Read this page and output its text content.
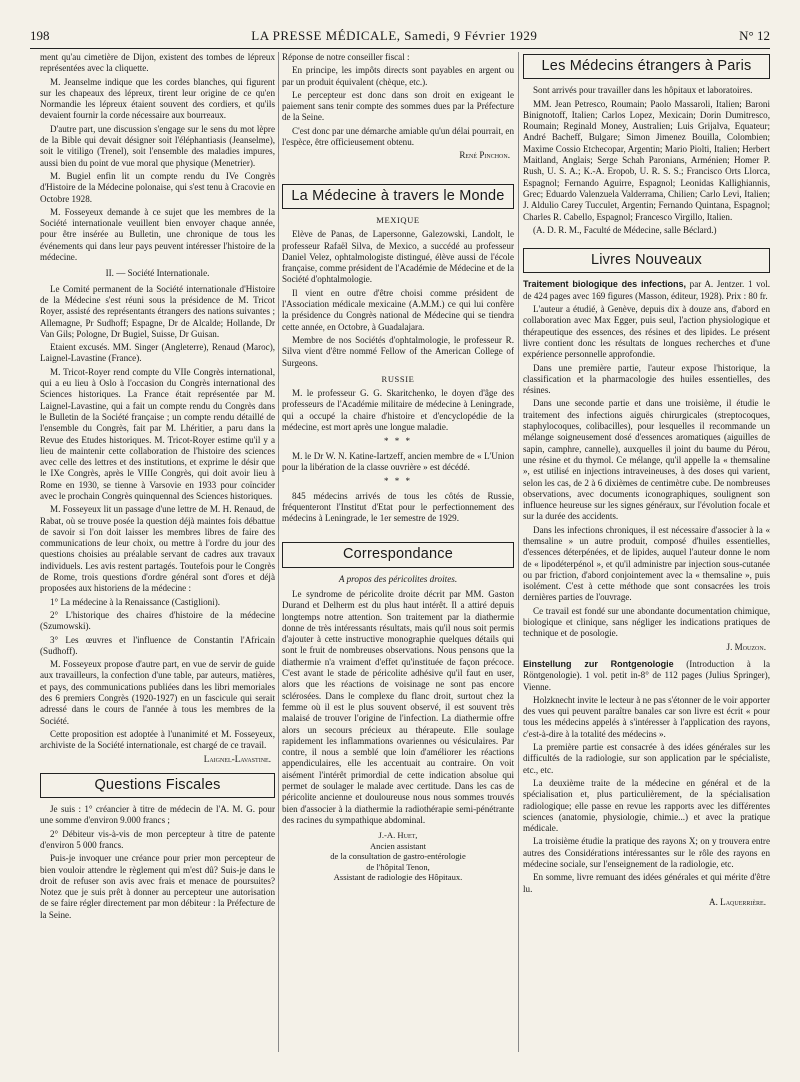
198	LA PRESSE MÉDICALE, Samedi, 9 Février 1929	N° 12

ment qu'au cimetière de Dijon, existent des tombes de lépreux représentées avec la cliquette.

M. Jeanselme indique que les cordes blanches, qui figurent sur les chapeaux des lépreux, tirent leur origine de ce qu'en Normandie les lépreux étaient souvent des cordiers, et qu'ils devaient fournir la corde nécessaire aux bourreaux.

D'autre part, une discussion s'engage sur le sens du mot lèpre de la Bible qui devait désigner soit l'éléphantiasis (Jeanselme), soit le vitiligo (Trenel), soit l'ensemble des maladies impures, aussi bien du point de vue moral que physique (Menetrier).

M. Bugiel enfin lit un compte rendu du IVe Congrès d'Histoire de la Médecine polonaise, qui s'est tenu à Cracovie en Octobre 1928.

M. Fosseyeux demande à ce sujet que les membres de la Société internationale veuillent bien envoyer chaque année, pour être insérée au Bulletin, une chronique de tous les événements qui dans leur pays peuvent intéresser l'histoire de la médecine.

II. — Société Internationale.

Le Comité permanent de la Société internationale d'Histoire de la Médecine s'est réuni sous la présidence de M. Tricot Royer, assisté des représentants étrangers des nations suivantes ; Allemagne, Pr Sudhoff; Espagne, Dr de Alcalde; Hollande, Dr Van Gils; Pologne, Dr Bugiel, Suisse, Dr Guisan.

Etaient excusés. MM. Singer (Angleterre), Renaud (Maroc), Laignel-Lavastine (France).

M. Tricot-Royer rend compte du VIIe Congrès international, qui a eu lieu à Oslo à l'occasion du Congrès international des Sciences historiques. La France était représentée par M. Laignel-Lavastine, qui a fait un compte rendu du Congrès dans le Bulletin de la Société française ; un compte rendu détaillé de l'ensemble du Congrès, fait par M. Lhéritier, a paru dans la Revue des Etudes historiques. M. Tricot-Royer estime qu'il y a lieu de maintenir cette collaboration de l'histoire des sciences avec celle des lettres et des institutions, et exprime le désir que le IXe Congrès, après le VIIIe Congrès, qui doit avoir lieu à Rome en 1930, se tienne à Varsovie en 1933 pour coïncider avec le prochain Congrès quinquennal des Sciences historiques.

M. Fosseyeux lit un passage d'une lettre de M. H. Renaud, de Rabat, où se trouve posée la question déjà maintes fois débattue de savoir si l'on doit laisser les membres libres de faire des communications de leur choix, ou mettre à l'ordre du jour des questions choisies au préalable servant de cadres aux travaux individuels. Les avis restent partagés. Toutefois pour le Congrès de Rome, trois questions d'ordre général sont d'ores et déjà proposées aux historiens de la médecine :

1° La médecine à la Renaissance (Castiglioni).

2° L'historique des chaires d'histoire de la médecine (Szumowski).

3° Les œuvres et l'influence de Constantin l'Africain (Sudhoff).

M. Fosseyeux propose d'autre part, en vue de servir de guide aux travailleurs, la confection d'une table, par auteurs, matières, et pays, des communications publiées dans les libri memoriales des 6 premiers Congrès (1920-1927) en un fascicule qui serait adressé dans le cours de l'année à tous les membres de la Société.

Cette proposition est adoptée à l'unanimité et M. Fosseyeux, archiviste de la Société internationale, est chargé de ce travail.

Laignel-Lavastine.
Questions Fiscales

Je suis : 1° créancier à titre de médecin de l'A. M. G. pour une somme d'environ 9.000 francs ;

2° Débiteur vis-à-vis de mon percepteur à titre de patente d'environ 5 000 francs.

Puis-je invoquer une créance pour prier mon percepteur de bien vouloir attendre le règlement qui m'est dû? Suis-je dans le droit de refuser son avis avec frais et menace de poursuites? Notez que je suis prêt à donner au percepteur une autorisation de se faire régler directement par mon débiteur : la Préfecture de la Seine.

Réponse de notre conseiller fiscal :

En principe, les impôts directs sont payables en argent ou par un produit équivalent (chèque, etc.).

Le percepteur est donc dans son droit en exigeant le paiement sans tenir compte des sommes dues par la Préfecture de la Seine.

C'est donc par une démarche amiable qu'un délai pourrait, en l'espèce, être officieusement obtenu.

René Pinchon.
La Médecine à travers le Monde
MEXIQUE

Elève de Panas, de Lapersonne, Galezowski, Landolt, le professeur Rafaël Silva, de Mexico, a succédé au professeur Daniel Velez, ophtalmologiste distingué, élève aussi de l'école française, comme président de l'Académie de Médecine et de la Société d'ophtalmologie.

Il vient en outre d'être choisi comme président de l'Association médicale mexicaine (A.M.M.) ce qui lui confère la présidence du Congrès national de Médecine qui se tiendra cette année, en Octobre, à Guadalajara.

Membre de nos Sociétés d'ophtalmologie, le professeur R. Silva vient d'être nommé Fellow of the American College of Surgeons.

RUSSIE

M. le professeur G. G. Skaritchenko, le doyen d'âge des professeurs de l'Académie militaire de médecine à Leningrade, qui a occupé la chaire d'histoire et d'encyclopédie de la médecine, est mort après une longue maladie.

* * *

M. le Dr W. N. Katine-Iartzeff, ancien membre de « L'Union pour la libération de la classe ouvrière » est décédé.

* * *

845 médecins arrivés de tous les côtés de Russie, fréquenteront l'Institut d'Etat pour le perfectionnement des médecins à Leningrade, le 1er semestre de 1929.

Correspondance
A propos des péricolites droites.

Le syndrome de péricolite droite décrit par MM. Gaston Durand et Delherm est du plus haut intérêt. Il a attiré depuis longtemps notre attention. Son traitement par la diathermie donne de très intéressants résultats, mais qu'il nous soit permis d'ajouter à cette instructive monographie quelques détails qui sont le fruit de nombreuses observations. Nous pensons que la diathermie n'a vraiment d'effet qu'instituée de façon précoce. C'est avant le stade de péricolite adhésive qu'il faut en user, alors que les réactions de voisinage ne sont pas encore sclérosées. Dans le complexe du flanc droit, surtout chez la femme où il est le plus souvent observé, il est souvent très malaisé de trouver l'origine de l'infection. La diathermie offre alors un secours précieux au thérapeute. Elle soulage rapidement les inflammations ovariennes ou vésiculaires. Par contre, il nous a semblé que loin d'améliorer les réactions appendiculaires, elle les accentuait au contraire. On voit aisément l'intérêt primordial de cette indication absolue qui permet de soulager le malade avec certitude. Dans les cas de péricolite ancienne et douloureuse nous nous sommes trouvés bien d'associer à la diathermie la radiothérapie semi-pénétrante des racines du sympathique abdominal.

J.-A. Huet,
Ancien assistant
de la consultation de gastro-entérologie
de l'hôpital Tenon,
Assistant de radiologie des Hôpitaux.
Les Médecins étrangers à Paris

Sont arrivés pour travailler dans les hôpitaux et laboratoires.

MM. Jean Petresco, Roumain; Paolo Massaroli, Italien; Baroni Binignotoff, Italien; Carlos Lopez, Mexicain; Dorin Dumitresco, Roumain; Reginald Money, Australien; Luis Grijalva, Equateur; André Bacheff, Bulgare; Simon Jimenez Bouilla, Colombien; Maxime Cossio Etchecopar, Argentin; Mario Piolti, Italien; Herbert Maitland, Anglais; Serge Schah Paronians, Arménien; Homer P. Rush, U. S. A.; K.-A. Eropob, U. R. S. S.; Francisco Orts Llorca, Espagnol; Fernando Aguirre, Espagnol; Leonidas Kallighiannis, Grec; Eduardo Valenzuela Valderrama, Chilien; Carlo Levi, Italien; J. Aldulio Carey Tucculet, Argentin; Fernando Quintana, Espagnol; Charles R. Cabello, Espagnol; Francesco Virgillo, Italien.

(A. D. R. M., Faculté de Médecine, salle Béclard.)

Livres Nouveaux

Traitement biologique des infections, par A. Jentzer. 1 vol. de 424 pages avec 169 figures (Masson, éditeur, 1928). Prix : 80 fr.

L'auteur a étudié, à Genève, depuis dix à douze ans, d'abord en collaboration avec Max Egger, puis seul, l'action physiologique et thérapeutique des essences, des résines et des lipides. Le présent livre contient donc les résultats de longues recherches et d'une expérience personnelle approfondie.

Dans une première partie, l'auteur expose l'historique, la classification et la pharmacologie des huiles essentielles, des résines.

Dans une seconde partie et dans une troisième, il étudie le traitement des infections aiguës chirurgicales (streptocoques, staphylocoques, colibacilles), pour lesquelles il recommande un mélange soigneusement dosé d'essences aromatiques (aiguilles de sapin, camphre, cannelle), auxquelles il joint du baume du Pérou, une résine et du thymol. Ce mélange, qu'il appelle la « themsaline », est utilisé en injections intraveineuses, à des doses qui varient, selon les cas, de 2 à 6 dixièmes de centimètre cube. De nombreuses observations, avec documents iconographiques, soulignent son influence heureuse sur les signes généraux, sur l'évolution focale et sur la durée des accidents.

Dans les infections chroniques, il est nécessaire d'associer à la « themsaline » un autre produit, composé d'huiles essentielles, d'essences déterpénées, et de lipides, auquel l'auteur donne le nom de « lipodéterpénol », et qu'il administre par injection sous-cutanée ou par friction, d'abord conjointement avec la « themsaline », puis isolément. C'est à cette méthode que sont consacrées les trois dernières parties de l'ouvrage.

Ce travail est fondé sur une abondante documentation chimique, biologique et clinique, sans négliger les indications pratiques de technique et de posologie.

J. Mouzon.

Einstellung zur Rontgenologie (Introduction à la Röntgenologie). 1 vol. petit in-8° de 112 pages (Julius Springer), Vienne.

Holzknecht invite le lecteur à ne pas s'étonner de le voir apporter des vues qui peuvent paraître banales car son livre est écrit « pour tous les médecins appelés à s'intéresser à l'application des rayons, c'est-à-dire à la totalité des médecins ».

La première partie est consacrée à des idées générales sur les difficultés de la radiologie, sur son application par le spécialiste, etc., etc.

La deuxième traite de la médecine en général et de la spécialisation et, plus particulièrement, de la spécialisation radiologique; elle passe en revue les rapports avec les différentes sciences (anatomie, physiologie, chimie...) et avec la pratique médicale.

La troisième étudie la pratique des rayons X; on y trouvera entre autres des Considérations intéressantes sur le rôle des rayons en médecine sociale, sur l'enseignement de la radiologie, etc.

En somme, livre remuant des idées générales et qui mérite d'être lu.

A. Laquerrière.
